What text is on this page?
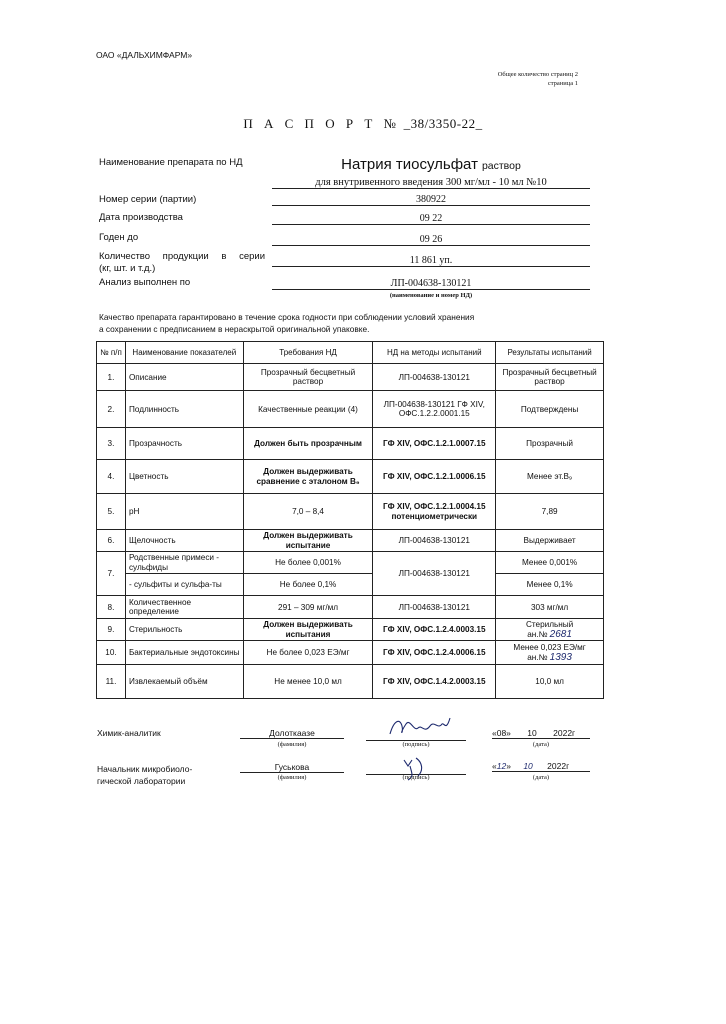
ОАО «ДАЛЬХИМФАРМ»
Общее количество страниц 2
страница 1
П А С П О Р Т № _38/3350-22_
Наименование препарата по НД	Натрия тиосульфат раствор
для внутривенного введения 300 мг/мл - 10 мл №10
Номер серии (партии)	380922
Дата производства	09 22
Годен до	09 26
Количество продукции в серии
(кг, шт. и т.д.)
11 861 уп.
Анализ выполнен по	ЛП-004638-130121
(наименование и номер НД)
Качество препарата гарантировано в течение срока годности при соблюдении условий хранения
а сохранении с предписанием в нераскрытой оригинальной упаковке.
№ п/п	Наименование показателей	Требования НД	НД на методы испытаний	Результаты испытаний
1.	Описание	Прозрачный бесцветный раствор	ЛП-004638-130121	Прозрачный бесцветный раствор
2.	Подлинность	Качественные реакции (4)	ЛП-004638-130121 ГФ XIV, ОФС.1.2.2.0001.15	Подтверждены
3.	Прозрачность	Должен быть прозрачным	ГФ XIV, ОФС.1.2.1.0007.15	Прозрачный
4.	Цветность	Должен выдерживать сравнение с эталоном B₉	ГФ XIV, ОФС.1.2.1.0006.15	Менее эт.B₉
5.	pH	7,0 – 8,4	ГФ XIV, ОФС.1.2.1.0004.15 потенциометрически	7,89
6.	Щелочность	Должен выдерживать испытание	ЛП-004638-130121	Выдерживает
7.	Родственные примеси - сульфиды	Не более 0,001%	ЛП-004638-130121	Менее 0,001%
	- сульфиты и сульфа-ты	Не более 0,1%		Менее 0,1%
8.	Количественное определение	291 – 309 мг/мл	ЛП-004638-130121	303 мг/мл
9.	Стерильность	Должен выдерживать испытания	ГФ XIV, ОФС.1.2.4.0003.15	Стерильный
ан.№ 2681

10.	Бактериальные эндотоксины	Не более 0,023 ЕЭ/мг	ГФ XIV, ОФС.1.2.4.0006.15	Менее 0,023 ЕЭ/мг
ан.№ 1393

11.	Извлекаемый объём	Не менее 10,0 мл	ГФ XIV, ОФС.1.4.2.0003.15	10,0 мл
Химик-аналитик	Долоткаазе
(фамилия)	(подпись)
«08» 10 2022г
(дата)
Начальник микробиоло-
гической лаборатории
Гуськова
(фамилия)	(подпись)
«12» 10 2022г
(дата)
